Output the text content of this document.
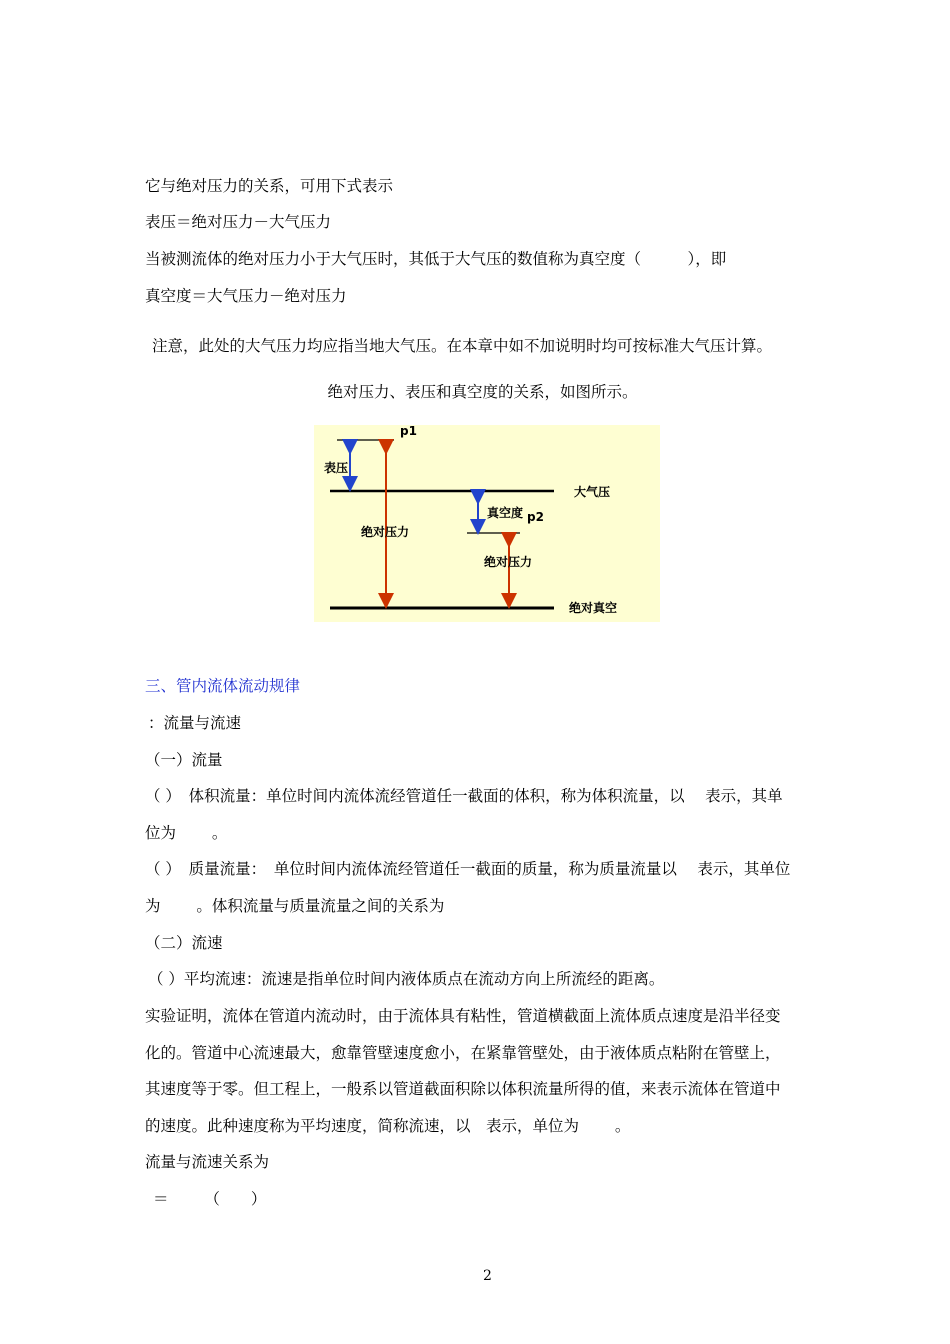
它与绝对压力的关系，可用下式表示
表压＝绝对压力－大气压力
当被测流体的绝对压力小于大气压时，其低于大气压的数值称为真空度（　　　），即
真空度＝大气压力－绝对压力
注意，此处的大气压力均应指当地大气压。在本章中如不加说明时均可按标准大气压计算。
绝对压力、表压和真空度的关系，如图所示。
p1
表压
大气压
真空度 p2
绝对压力
绝对压力
绝对真空
三、管内流体流动规律
：流量与流速
（一）流量
（ ）　体积流量：单位时间内流体流经管道任一截面的体积，称为体积流量，以　 表示，其单
位为　　 。
（ ）　质量流量：　单位时间内流体流经管道任一截面的质量，称为质量流量以　 表示，其单位
为　　 。体积流量与质量流量之间的关系为
（二）流速
（ ）平均流速：流速是指单位时间内液体质点在流动方向上所流经的距离。
实验证明，流体在管道内流动时，由于流体具有粘性，管道横截面上流体质点速度是沿半径变
化的。管道中心流速最大，愈靠管壁速度愈小，在紧靠管壁处，由于液体质点粘附在管壁上，
其速度等于零。但工程上，一般系以管道截面积除以体积流量所得的值，来表示流体在管道中
的速度。此种速度称为平均速度，简称流速，以　表示，单位为　　 。
流量与流速关系为
＝　　 （　　）
2
